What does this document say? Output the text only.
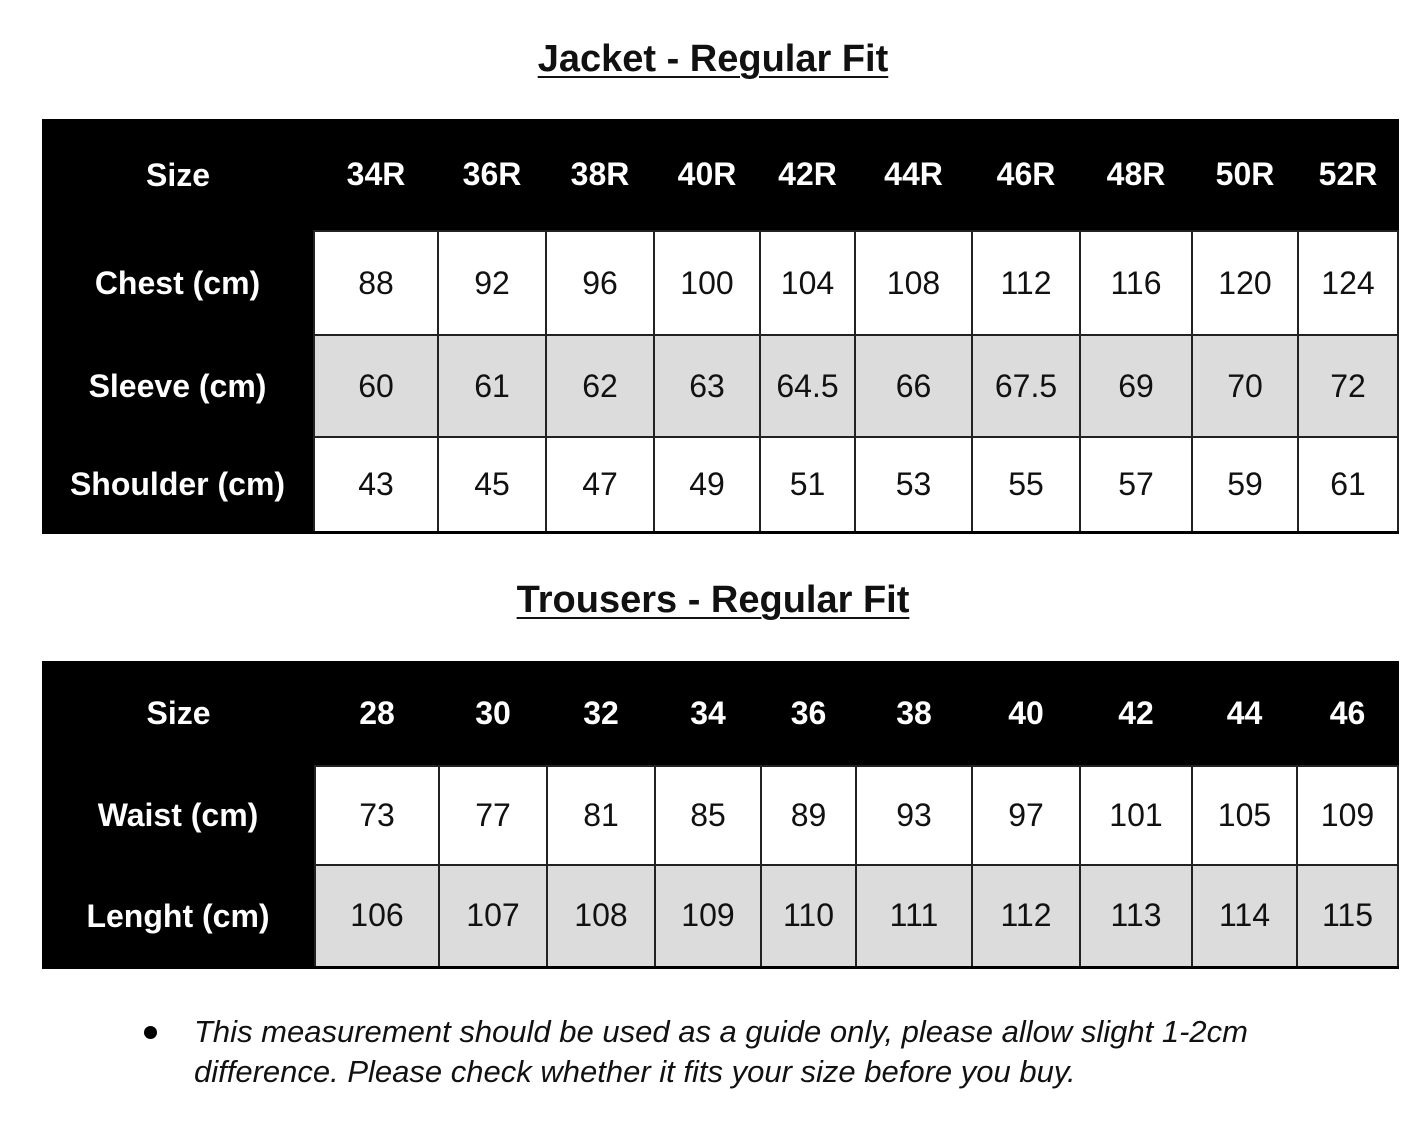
Jacket - Regular Fit
Size	34R	36R	38R	40R	42R	44R	46R	48R	50R	52R
Chest (cm)	88	92	96	100	104	108	112	116	120	124
Sleeve (cm)	60	61	62	63	64.5	66	67.5	69	70	72
Shoulder (cm)	43	45	47	49	51	53	55	57	59	61
Trousers - Regular Fit
Size	28	30	32	34	36	38	40	42	44	46
Waist (cm)	73	77	81	85	89	93	97	101	105	109
Lenght (cm)	106	107	108	109	110	111	112	113	114	115
This measurement should be used as a guide only, please allow slight 1-2cm
difference. Please check whether it fits your size before you buy.
